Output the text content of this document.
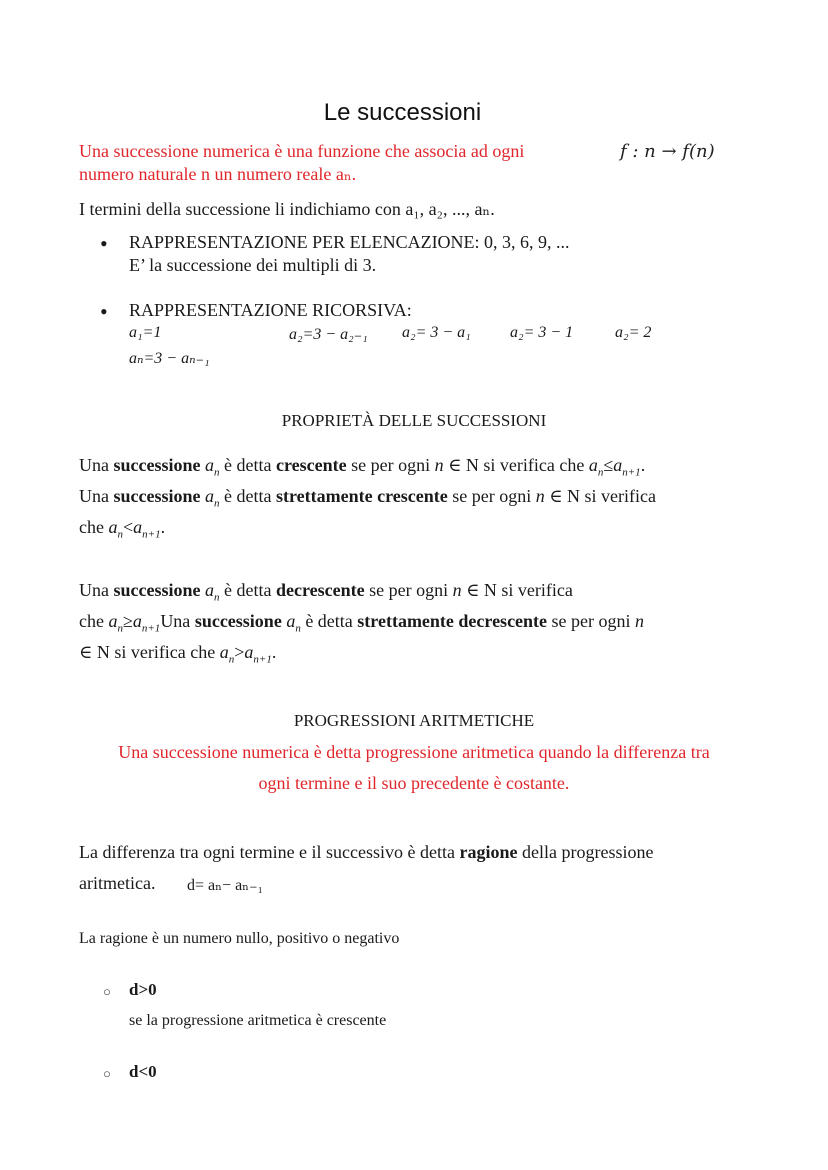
Le successioni
Una successione numerica è una funzione che associa ad ogni
numero naturale n un numero reale aₙ.
f : n → f(n)
I termini della successione li indichiamo con a₁, a₂, ..., aₙ.
• RAPPRESENTAZIONE PER ELENCAZIONE: 0, 3, 6, 9, ...
E’ la successione dei multipli di 3.
• RAPPRESENTAZIONE RICORSIVA:
a₁=1	a₂=3 − a₂₋₁ a₂= 3 − a₁ a₂= 3 − 1	a₂= 2
aₙ=3 − aₙ₋₁
PROPRIETÀ DELLE SUCCESSIONI
Una successione $a_n$ è detta crescente se per ogni n ∈ N si verifica che $a_n\le a_{n+1}$.
Una successione $a_n$ è detta strettamente crescente se per ogni n ∈ N si verifica
che $a_n<a_{n+1}$.
Una successione $a_n$ è detta decrescente se per ogni n ∈ N si verifica
che $a_n\ge a_{n+1}Una$ successione $a_n$ è detta strettamente decrescente se per ogni n
∈ N si verifica che $a_n>a_{n+1}$.
PROGRESSIONI ARITMETICHE
Una successione numerica è detta progressione aritmetica quando la differenza tra
ogni termine e il suo precedente è costante.
La differenza tra ogni termine e il successivo è detta ragione della progressione
aritmetica. d= aₙ− aₙ₋₁
La ragione è un numero nullo, positivo o negativo
○ d>0
se la progressione aritmetica è crescente
○ d<0
